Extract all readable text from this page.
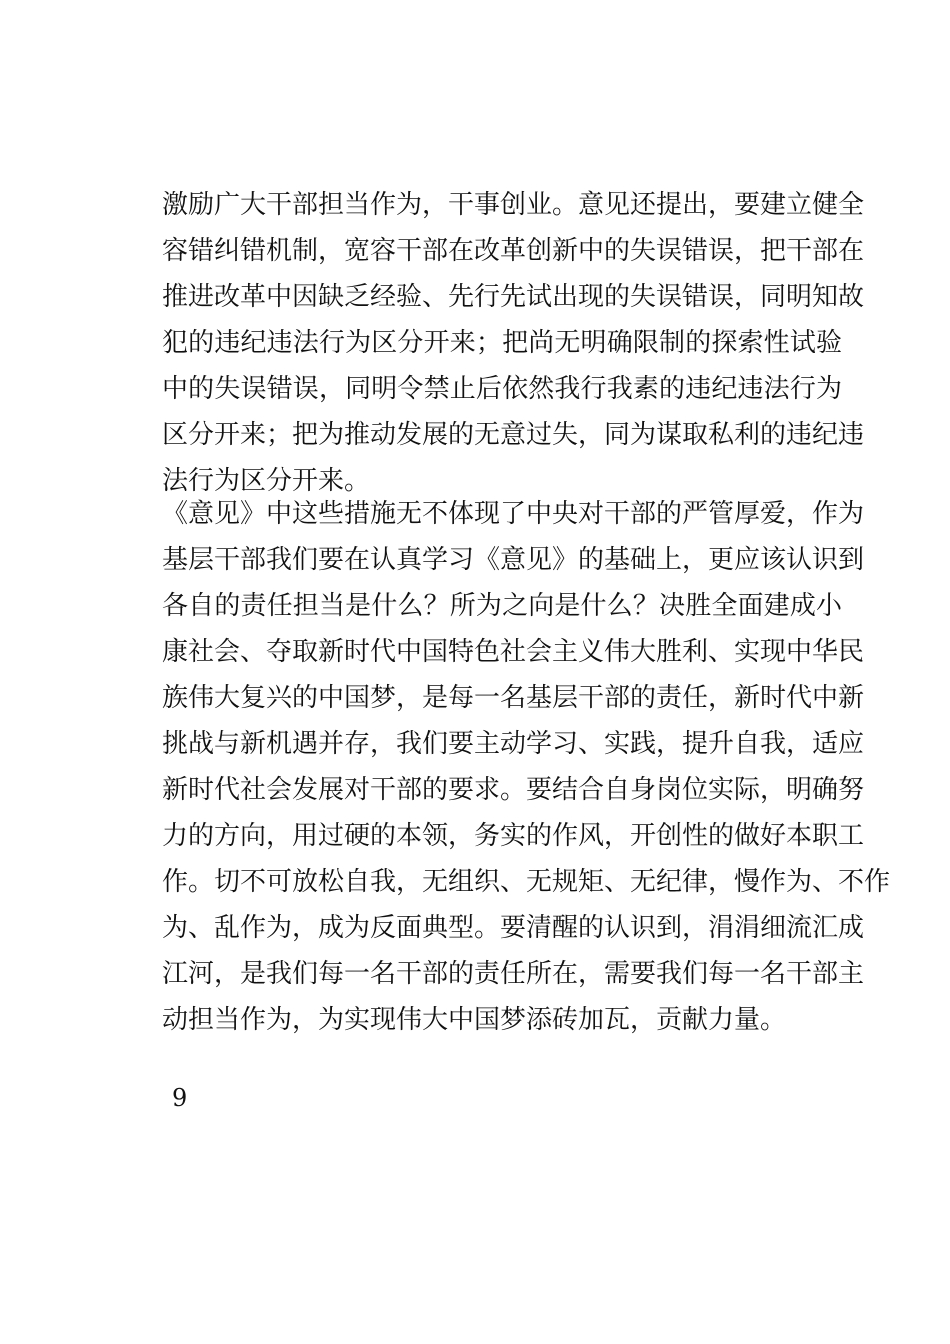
激励广大干部担当作为，干事创业。意见还提出，要建立健全
容错纠错机制，宽容干部在改革创新中的失误错误，把干部在
推进改革中因缺乏经验、先行先试出现的失误错误，同明知故
犯的违纪违法行为区分开来；把尚无明确限制的探索性试验
中的失误错误，同明令禁止后依然我行我素的违纪违法行为
区分开来；把为推动发展的无意过失，同为谋取私利的违纪违
法行为区分开来。
《意见》中这些措施无不体现了中央对干部的严管厚爱，作为
基层干部我们要在认真学习《意见》的基础上，更应该认识到
各自的责任担当是什么？所为之向是什么？决胜全面建成小
康社会、夺取新时代中国特色社会主义伟大胜利、实现中华民
族伟大复兴的中国梦，是每一名基层干部的责任，新时代中新
挑战与新机遇并存，我们要主动学习、实践，提升自我，适应
新时代社会发展对干部的要求。要结合自身岗位实际，明确努
力的方向，用过硬的本领，务实的作风，开创性的做好本职工
作。切不可放松自我，无组织、无规矩、无纪律，慢作为、不作
为、乱作为，成为反面典型。要清醒的认识到，涓涓细流汇成
江河，是我们每一名干部的责任所在，需要我们每一名干部主
动担当作为，为实现伟大中国梦添砖加瓦，贡献力量。
9
